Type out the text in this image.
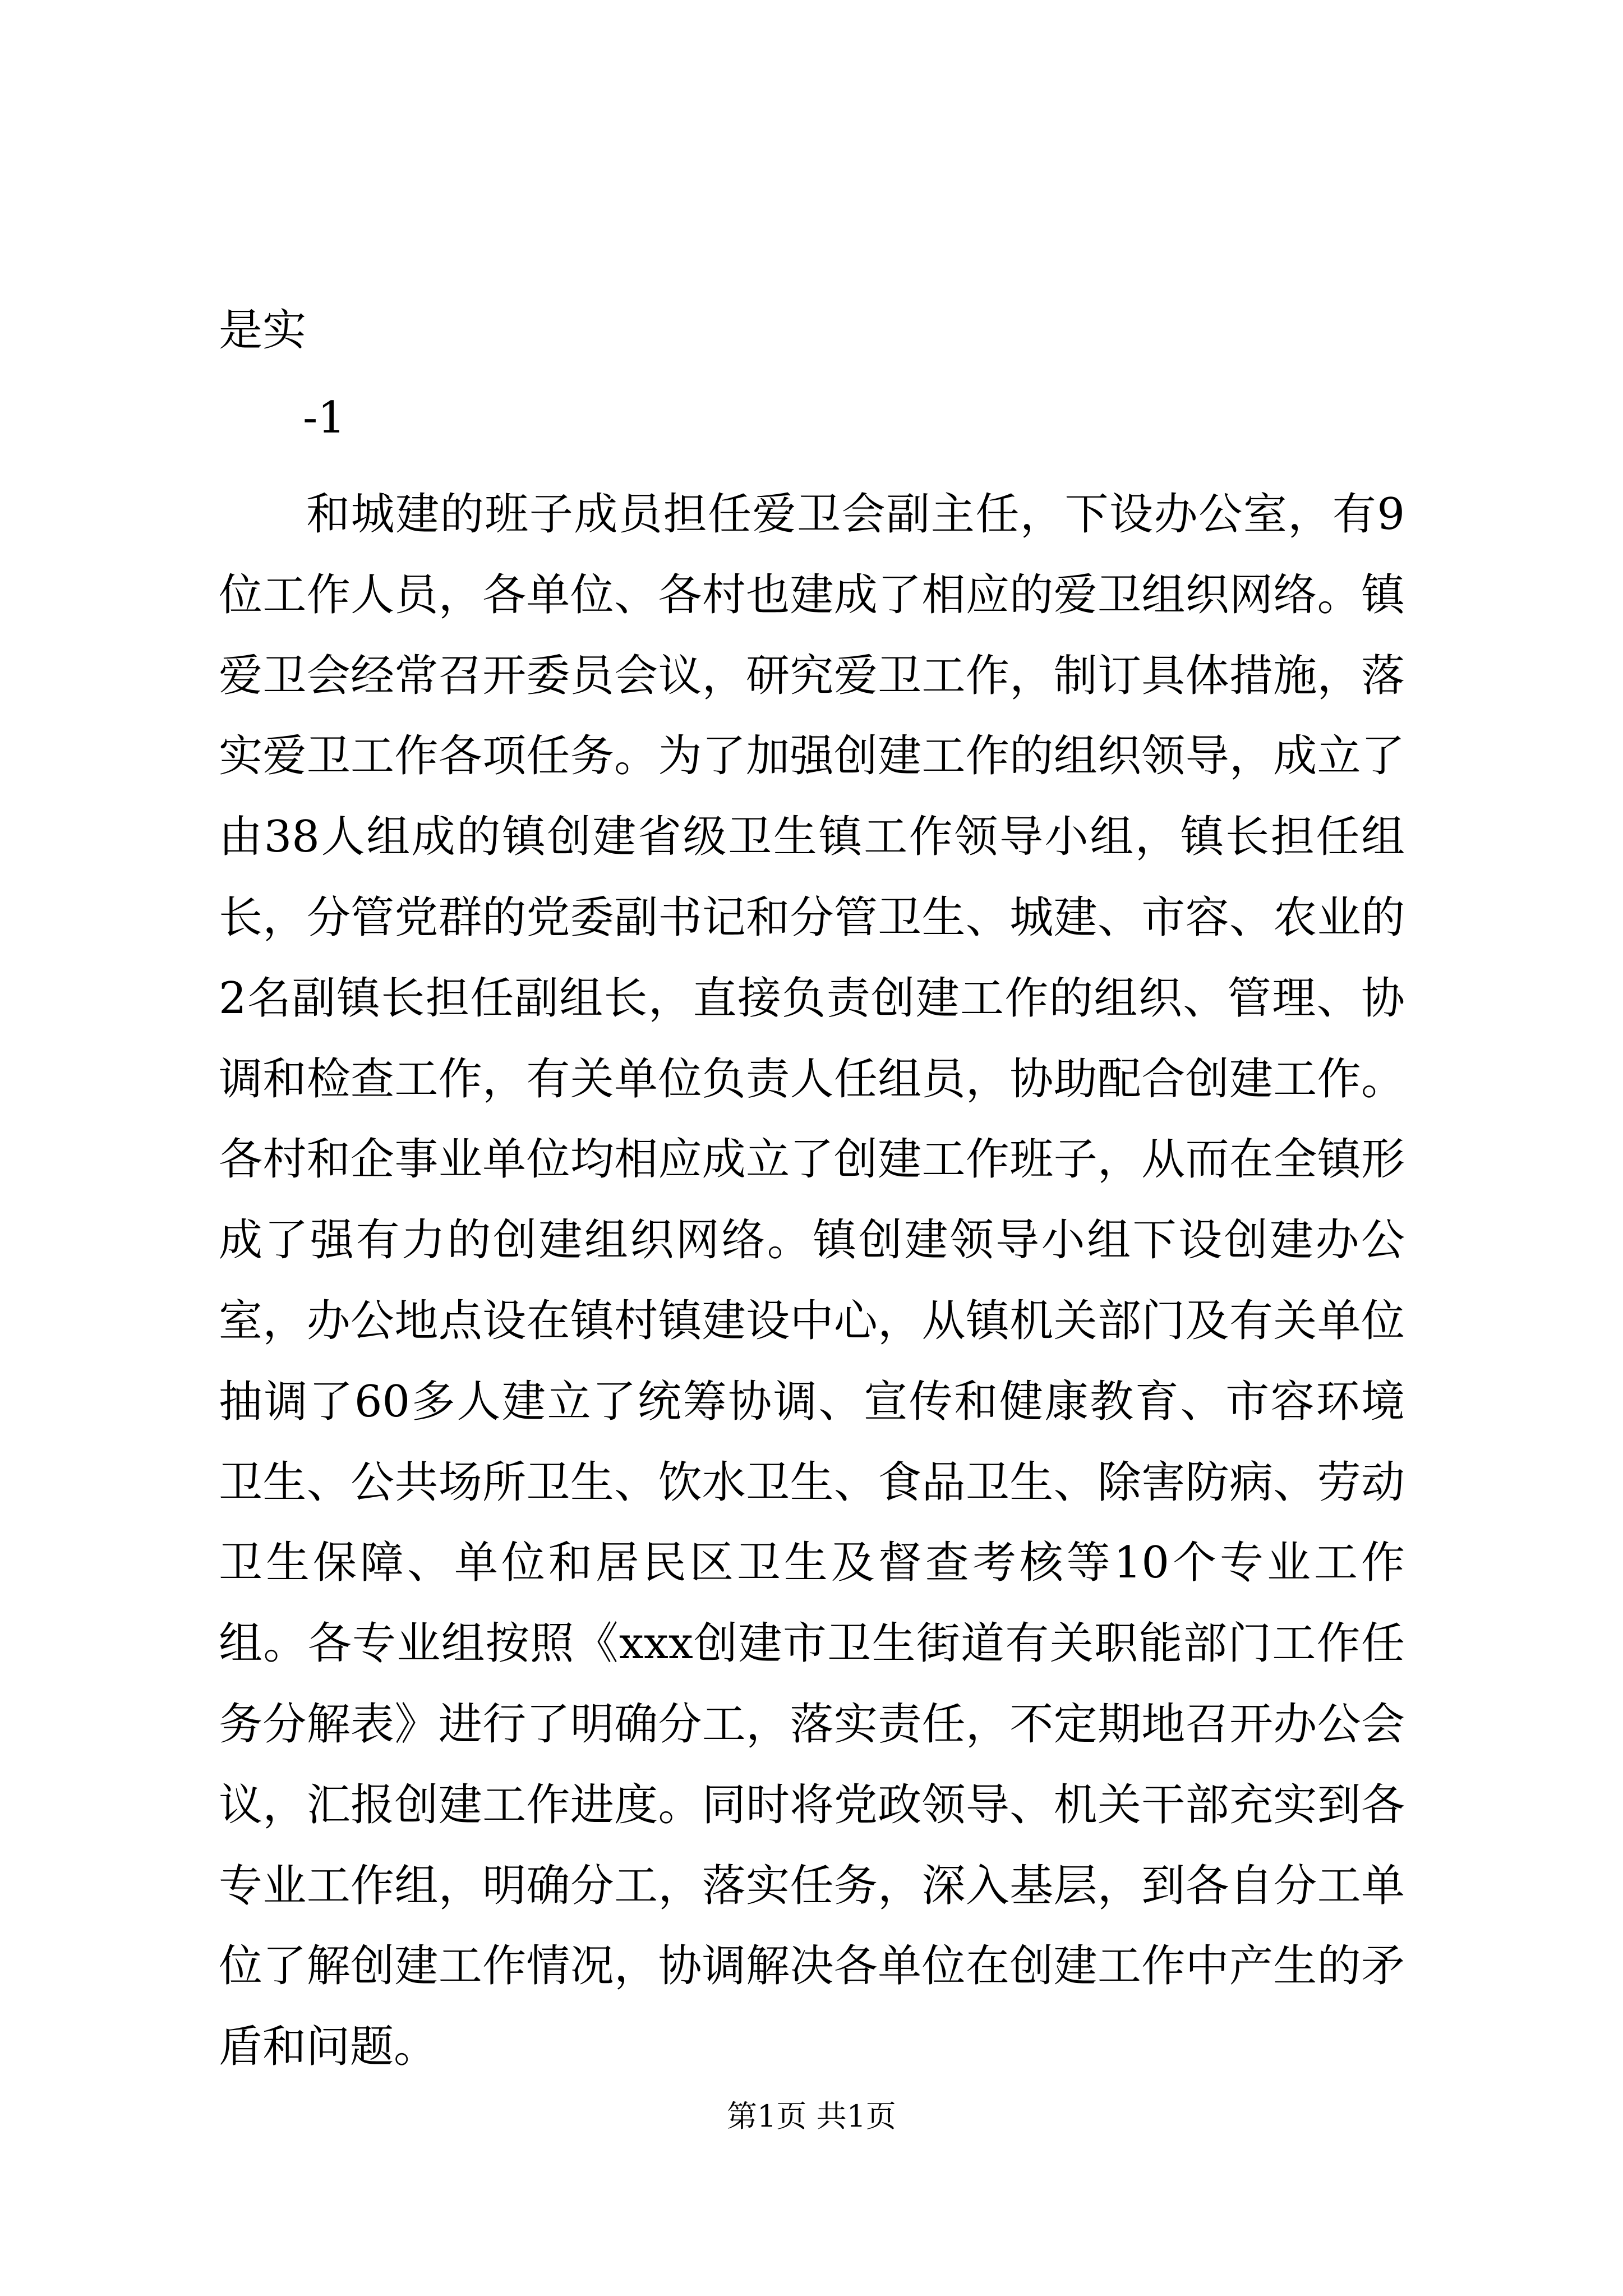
是实
-1

和城建的班子成员担任爱卫会副主任，下设办公室，有9位工作人员，各单位、各村也建成了相应的爱卫组织网络。镇爱卫会经常召开委员会议，研究爱卫工作，制订具体措施，落实爱卫工作各项任务。为了加强创建工作的组织领导，成立了由38人组成的镇创建省级卫生镇工作领导小组，镇长担任组长，分管党群的党委副书记和分管卫生、城建、市容、农业的2名副镇长担任副组长，直接负责创建工作的组织、管理、协调和检查工作，有关单位负责人任组员，协助配合创建工作。各村和企事业单位均相应成立了创建工作班子，从而在全镇形成了强有力的创建组织网络。镇创建领导小组下设创建办公室，办公地点设在镇村镇建设中心，从镇机关部门及有关单位抽调了60多人建立了统筹协调、宣传和健康教育、市容环境卫生、公共场所卫生、饮水卫生、食品卫生、除害防病、劳动卫生保障、单位和居民区卫生及督查考核等10个专业工作组。各专业组按照《xxx创建市卫生街道有关职能部门工作任务分解表》进行了明确分工，落实责任，不定期地召开办公会议，汇报创建工作进度。同时将党政领导、机关干部充实到各专业工作组，明确分工，落实任务，深入基层，到各自分工单位了解创建工作情况，协调解决各单位在创建工作中产生的矛盾和问题。

第1页 共1页
